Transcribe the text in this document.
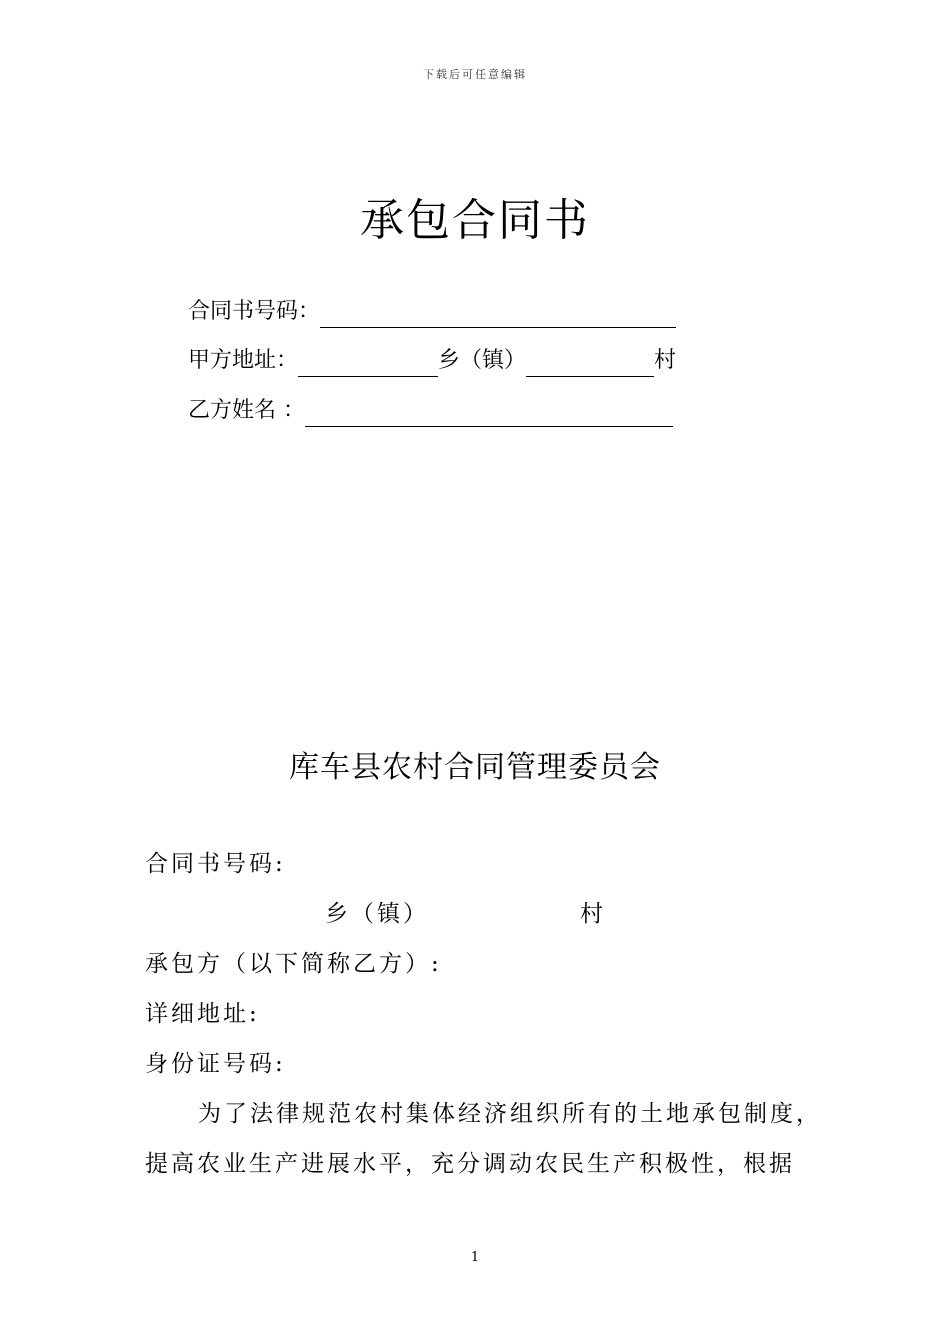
下载后可任意编辑
承包合同书
合同书号码：
甲方地址：	乡（镇）	村
乙方姓名 ：
库车县农村合同管理委员会
合同书号码:
乡（镇）	村
承包方（以下简称乙方）:
详细地址:
身份证号码:
为了法律规范农村集体经济组织所有的土地承包制度，
提高农业生产进展水平，充分调动农民生产积极性，根据
1
